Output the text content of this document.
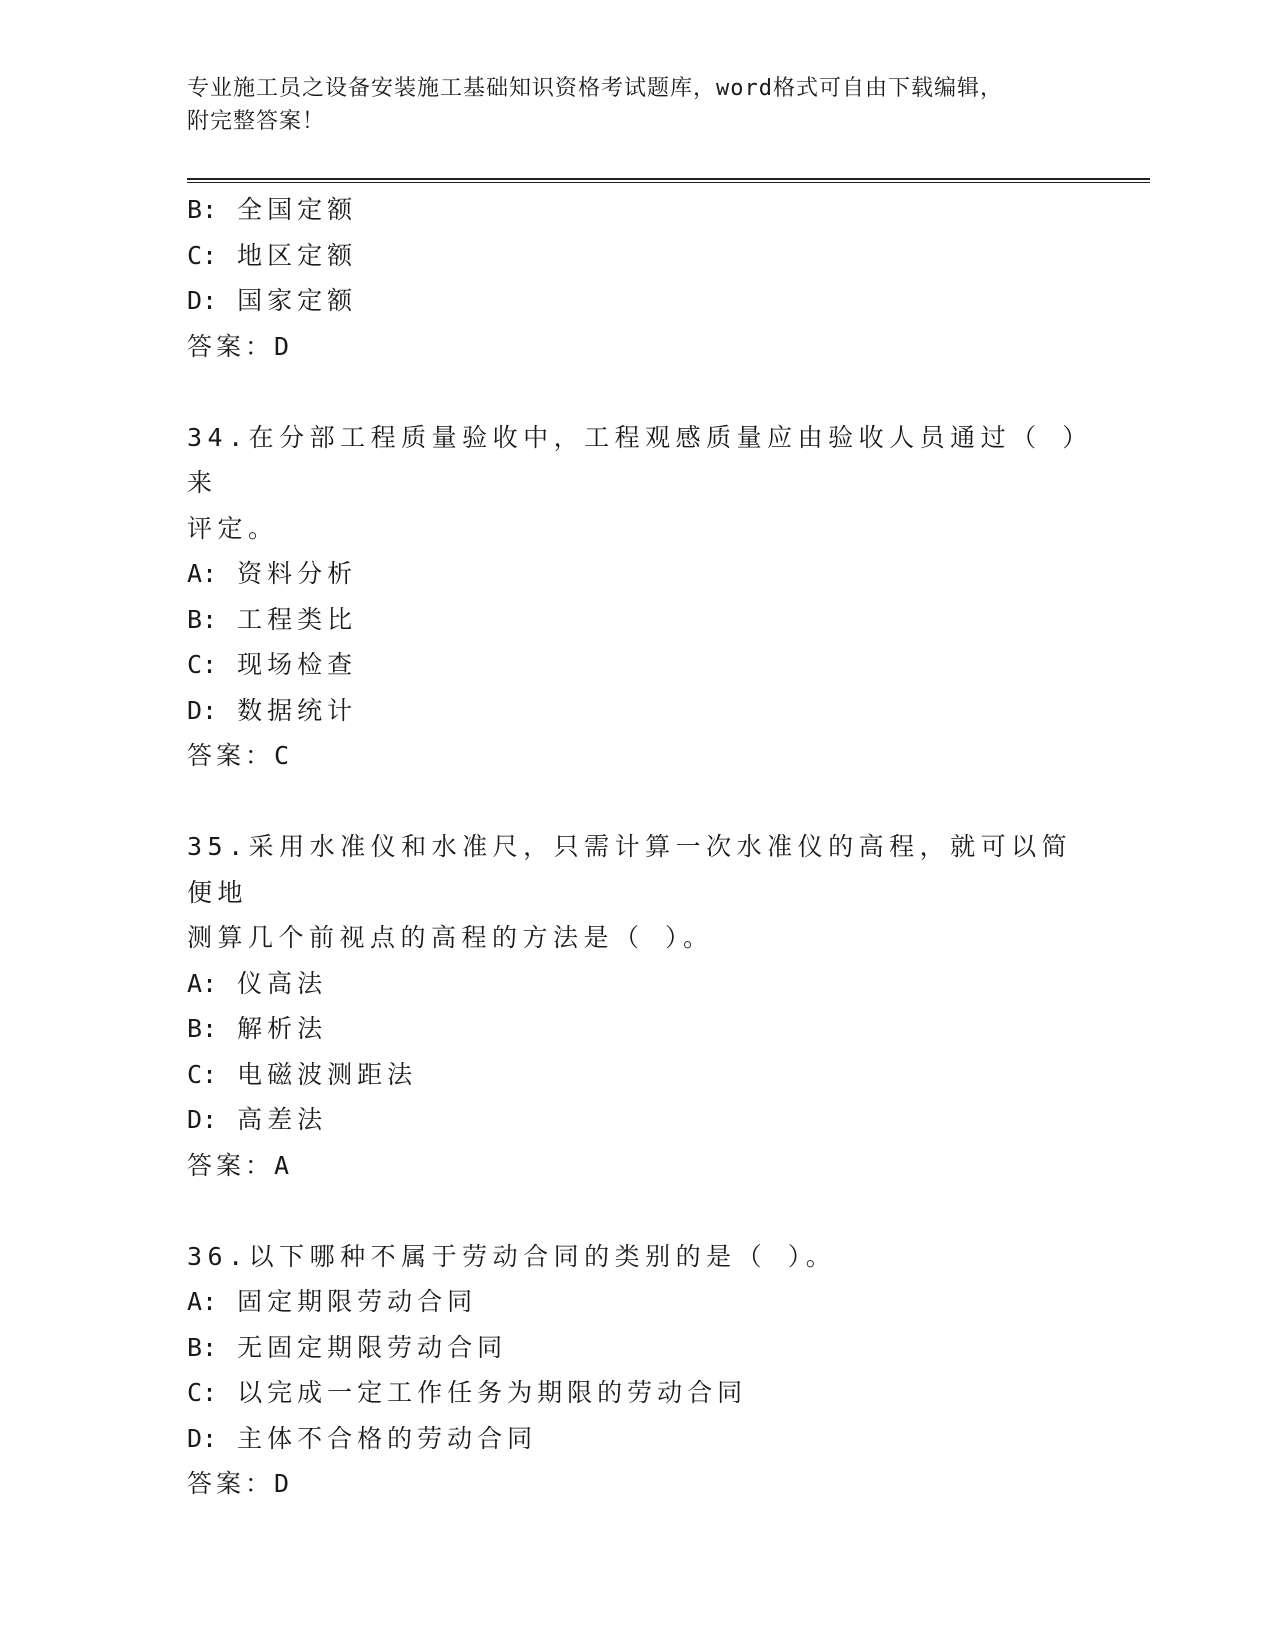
专业施工员之设备安装施工基础知识资格考试题库，word格式可自由下载编辑，
附完整答案！
B: 全国定额
C: 地区定额
D: 国家定额
答案：D
34.在分部工程质量验收中，工程观感质量应由验收人员通过（ ）来
评定。
A: 资料分析
B: 工程类比
C: 现场检查
D: 数据统计
答案：C
35.采用水准仪和水准尺，只需计算一次水准仪的高程，就可以简便地
测算几个前视点的高程的方法是（ ）。
A: 仪高法
B: 解析法
C: 电磁波测距法
D: 高差法
答案：A
36.以下哪种不属于劳动合同的类别的是（ ）。
A: 固定期限劳动合同
B: 无固定期限劳动合同
C: 以完成一定工作任务为期限的劳动合同
D: 主体不合格的劳动合同
答案：D
